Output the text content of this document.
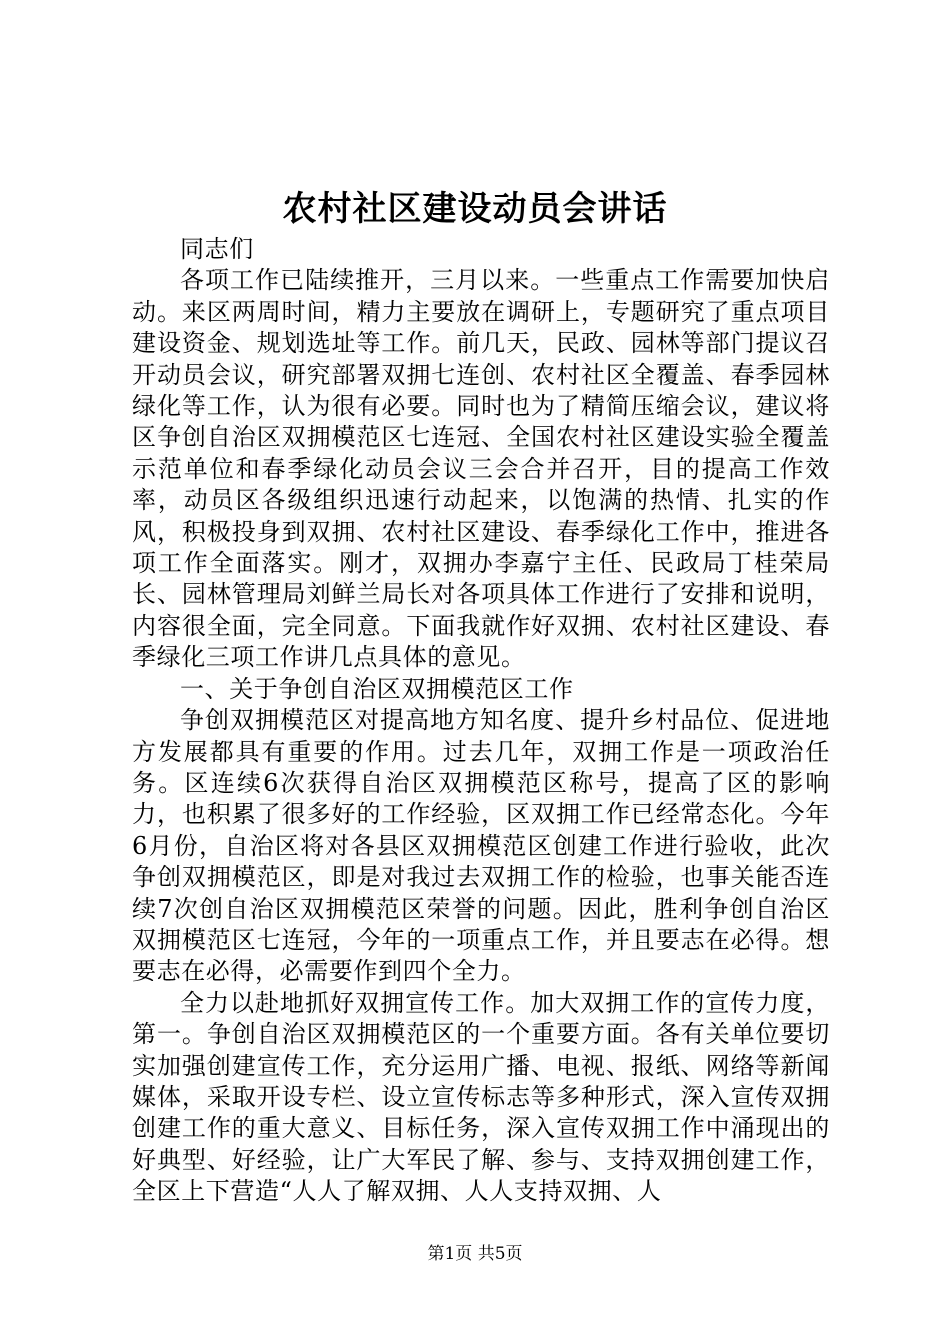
农村社区建设动员会讲话

同志们

各项工作已陆续推开，三月以来。一些重点工作需要加快启动。来区两周时间，精力主要放在调研上，专题研究了重点项目建设资金、规划选址等工作。前几天，民政、园林等部门提议召开动员会议，研究部署双拥七连创、农村社区全覆盖、春季园林绿化等工作，认为很有必要。同时也为了精简压缩会议，建议将区争创自治区双拥模范区七连冠、全国农村社区建设实验全覆盖示范单位和春季绿化动员会议三会合并召开，目的提高工作效率，动员区各级组织迅速行动起来，以饱满的热情、扎实的作风，积极投身到双拥、农村社区建设、春季绿化工作中，推进各项工作全面落实。刚才，双拥办李嘉宁主任、民政局丁桂荣局长、园林管理局刘鲜兰局长对各项具体工作进行了安排和说明，内容很全面，完全同意。下面我就作好双拥、农村社区建设、春季绿化三项工作讲几点具体的意见。

一、关于争创自治区双拥模范区工作

争创双拥模范区对提高地方知名度、提升乡村品位、促进地方发展都具有重要的作用。过去几年，双拥工作是一项政治任务。区连续6次获得自治区双拥模范区称号，提高了区的影响力，也积累了很多好的工作经验，区双拥工作已经常态化。今年6月份，自治区将对各县区双拥模范区创建工作进行验收，此次争创双拥模范区，即是对我过去双拥工作的检验，也事关能否连续7次创自治区双拥模范区荣誉的问题。因此，胜利争创自治区双拥模范区七连冠，今年的一项重点工作，并且要志在必得。想要志在必得，必需要作到四个全力。

全力以赴地抓好双拥宣传工作。加大双拥工作的宣传力度，第一。争创自治区双拥模范区的一个重要方面。各有关单位要切实加强创建宣传工作，充分运用广播、电视、报纸、网络等新闻媒体，采取开设专栏、设立宣传标志等多种形式，深入宣传双拥创建工作的重大意义、目标任务，深入宣传双拥工作中涌现出的好典型、好经验，让广大军民了解、参与、支持双拥创建工作，全区上下营造“人人了解双拥、人人支持双拥、人

第1页 共5页
